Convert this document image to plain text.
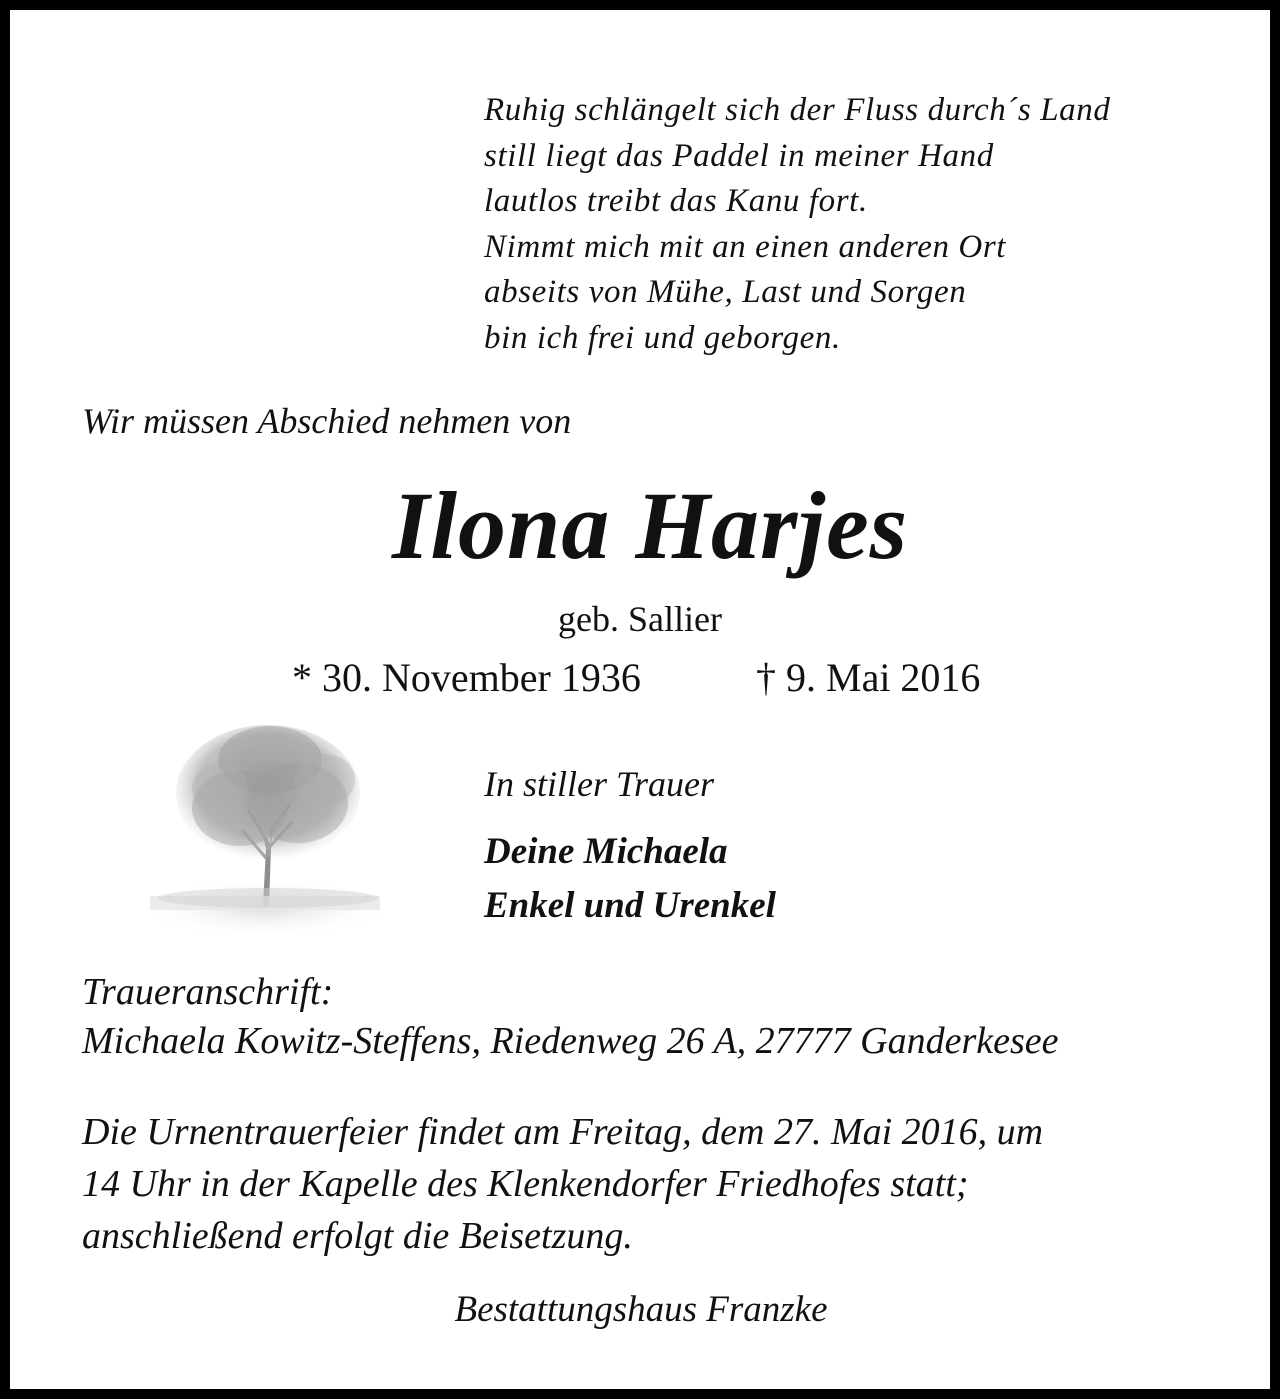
Ruhig schlängelt sich der Fluss durch´s Land
still liegt das Paddel in meiner Hand
lautlos treibt das Kanu fort.
Nimmt mich mit an einen anderen Ort
abseits von Mühe, Last und Sorgen
bin ich frei und geborgen.
Wir müssen Abschied nehmen von
Ilona Harjes
geb. Sallier
* 30. November 1936	† 9. Mai 2016
In stiller Trauer
Deine Michaela
Enkel und Urenkel
Traueranschrift:
Michaela Kowitz-Steffens, Riedenweg 26 A, 27777 Ganderkesee
Die Urnentrauerfeier findet am Freitag, dem 27. Mai 2016, um
14 Uhr in der Kapelle des Klenkendorfer Friedhofes statt;
anschließend erfolgt die Beisetzung.
Bestattungshaus Franzke
